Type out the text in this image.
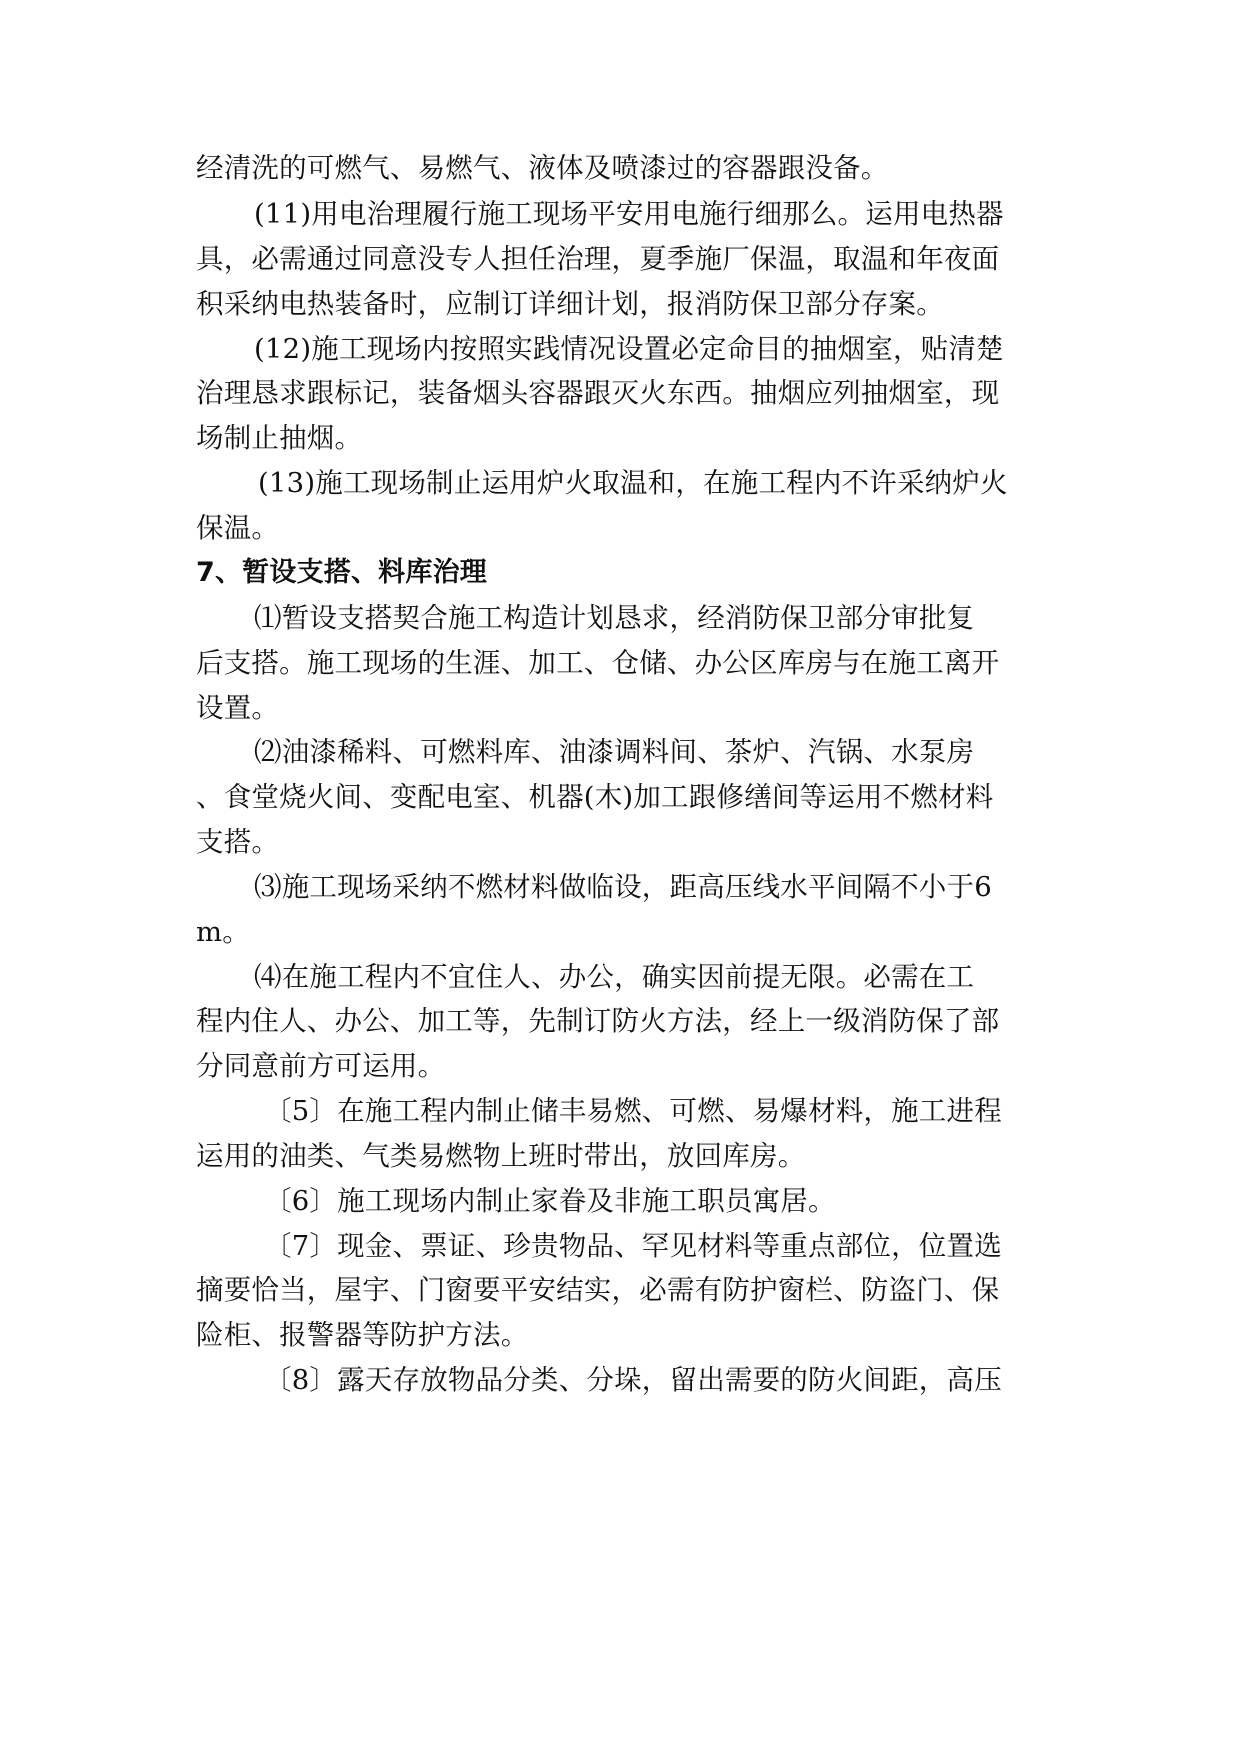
经清洗的可燃气、易燃气、液体及喷漆过的容器跟没备。
(11)用电治理履行施工现场平安用电施行细那么。运用电热器
具，必需通过同意没专人担任治理，夏季施厂保温，取温和年夜面
积采纳电热装备时，应制订详细计划，报消防保卫部分存案。
(12)施工现场内按照实践情况设置必定命目的抽烟室，贴清楚
治理恳求跟标记，装备烟头容器跟灭火东西。抽烟应列抽烟室，现
场制止抽烟。
(13)施工现场制止运用炉火取温和，在施工程内不许采纳炉火
保温。
7、暂设支搭、料库治理
⑴暂设支搭契合施工构造计划恳求，经消防保卫部分审批复
后支搭。施工现场的生涯、加工、仓储、办公区库房与在施工离开
设置。
⑵油漆稀料、可燃料库、油漆调料间、茶炉、汽锅、水泵房
、食堂烧火间、变配电室、机器(木)加工跟修缮间等运用不燃材料
支搭。
⑶施工现场采纳不燃材料做临设，距高压线水平间隔不小于6
m。
⑷在施工程内不宜住人、办公，确实因前提无限。必需在工
程内住人、办公、加工等，先制订防火方法，经上一级消防保了部
分同意前方可运用。
〔5〕在施工程内制止储丰易燃、可燃、易爆材料，施工进程
运用的油类、气类易燃物上班时带出，放回库房。
〔6〕施工现场内制止家眷及非施工职员寓居。
〔7〕现金、票证、珍贵物品、罕见材料等重点部位，位置选
摘要恰当，屋宇、门窗要平安结实，必需有防护窗栏、防盗门、保
险柜、报警器等防护方法。
〔8〕露天存放物品分类、分垛，留出需要的防火间距，高压
